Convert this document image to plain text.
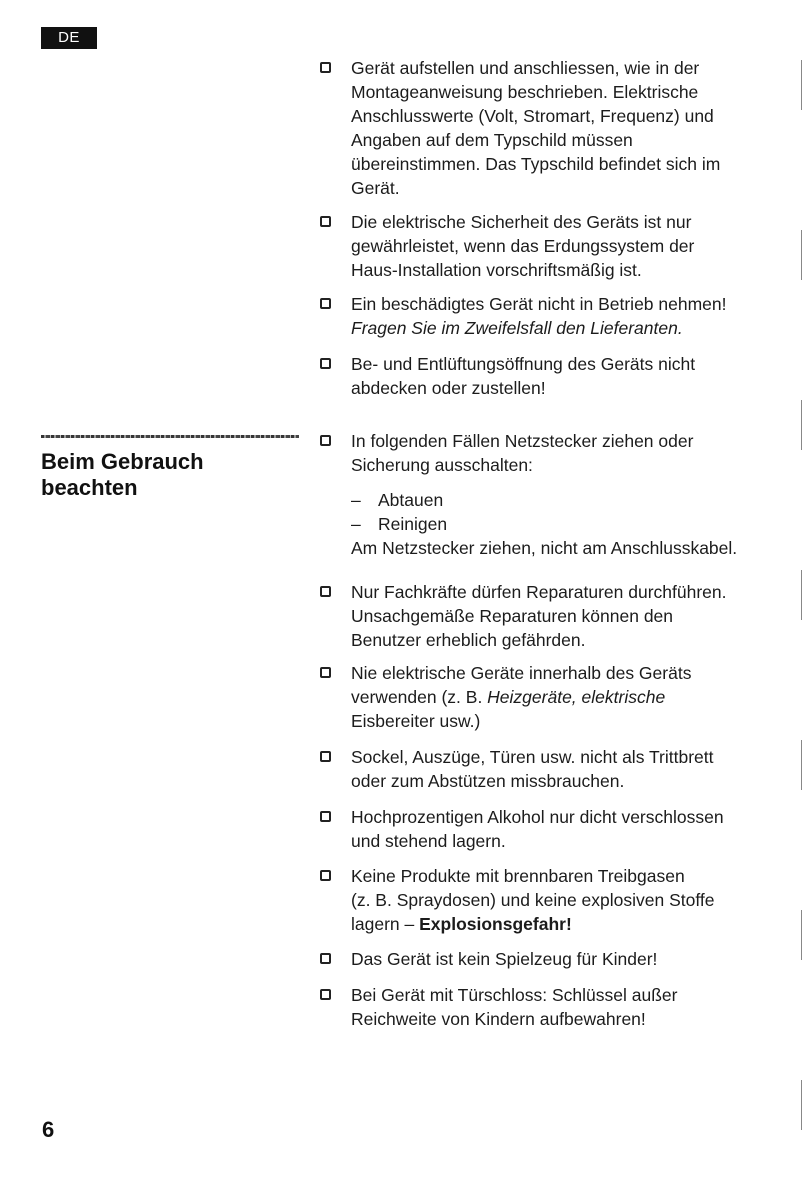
DE
Beim Gebrauch
beachten
6
Gerät aufstellen und anschliessen, wie in der
Montageanweisung beschrieben. Elektrische
Anschlusswerte (Volt, Stromart, Frequenz) und
Angaben auf dem Typschild müssen
übereinstimmen. Das Typschild befindet sich im
Gerät.
Die elektrische Sicherheit des Geräts ist nur
gewährleistet, wenn das Erdungssystem der
Haus-Installation vorschriftsmäßig ist.
Ein beschädigtes Gerät nicht in Betrieb nehmen!
Fragen Sie im Zweifelsfall den Lieferanten.
Be- und Entlüftungsöffnung des Geräts nicht
abdecken oder zustellen!
In folgenden Fällen Netzstecker ziehen oder
Sicherung ausschalten:
– Abtauen
– Reinigen
Am Netzstecker ziehen, nicht am Anschlusskabel.
Nur Fachkräfte dürfen Reparaturen durchführen.
Unsachgemäße Reparaturen können den
Benutzer erheblich gefährden.
Nie elektrische Geräte innerhalb des Geräts
verwenden (z. B. Heizgeräte, elektrische
Eisbereiter usw.)
Sockel, Auszüge, Türen usw. nicht als Trittbrett
oder zum Abstützen missbrauchen.
Hochprozentigen Alkohol nur dicht verschlossen
und stehend lagern.
Keine Produkte mit brennbaren Treibgasen
(z. B. Spraydosen) und keine explosiven Stoffe
lagern – Explosionsgefahr!
Das Gerät ist kein Spielzeug für Kinder!
Bei Gerät mit Türschloss: Schlüssel außer
Reichweite von Kindern aufbewahren!
